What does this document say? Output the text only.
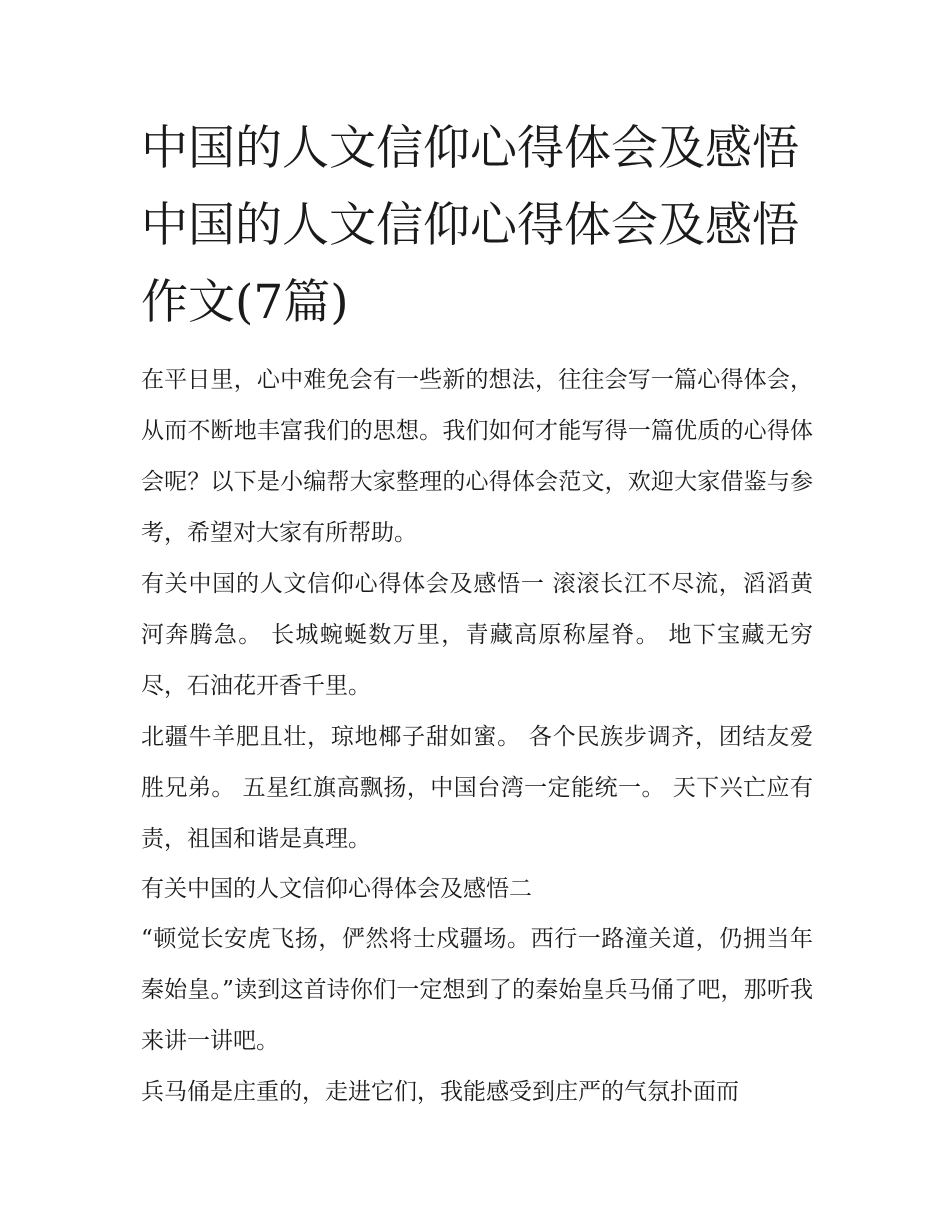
中国的人文信仰心得体会及感悟 中国的人文信仰心得体会及感悟作文(7篇)

在平日里，心中难免会有一些新的想法，往往会写一篇心得体会，从而不断地丰富我们的思想。我们如何才能写得一篇优质的心得体会呢？以下是小编帮大家整理的心得体会范文，欢迎大家借鉴与参考，希望对大家有所帮助。

有关中国的人文信仰心得体会及感悟一 滚滚长江不尽流，滔滔黄河奔腾急。 长城蜿蜒数万里，青藏高原称屋脊。 地下宝藏无穷尽，石油花开香千里。

北疆牛羊肥且壮，琼地椰子甜如蜜。 各个民族步调齐，团结友爱胜兄弟。 五星红旗高飘扬，中国台湾一定能统一。 天下兴亡应有责，祖国和谐是真理。

有关中国的人文信仰心得体会及感悟二

“顿觉长安虎飞扬，俨然将士戍疆场。西行一路潼关道，仍拥当年秦始皇。”读到这首诗你们一定想到了的秦始皇兵马俑了吧，那听我来讲一讲吧。

兵马俑是庄重的，走进它们，我能感受到庄严的气氛扑面而
